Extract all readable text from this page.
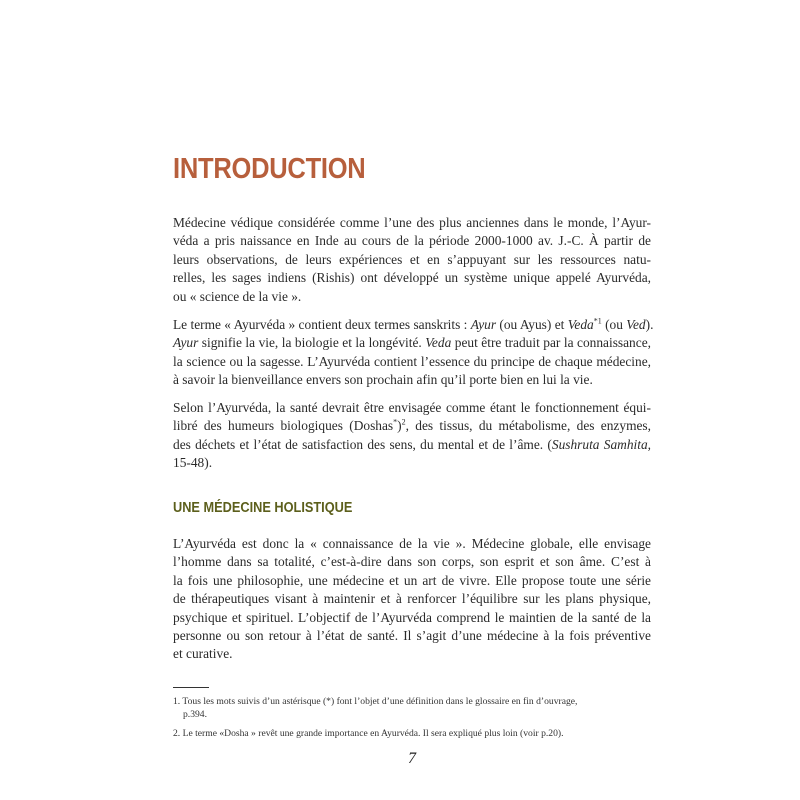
INTRODUCTION
Médecine védique considérée comme l’une des plus anciennes dans le monde, l’Ayur-
véda a pris naissance en Inde au cours de la période 2000-1000 av. J.-C. À partir de
leurs observations, de leurs expériences et en s’appuyant sur les ressources natu-
relles, les sages indiens (Rishis) ont développé un système unique appelé Ayurvéda,
ou « science de la vie ».
Le terme « Ayurvéda » contient deux termes sanskrits : Ayur (ou Ayus) et Veda$^{*1}$ (ou Ved).
Ayur signifie la vie, la biologie et la longévité. Veda peut être traduit par la connaissance,
la science ou la sagesse. L’Ayurvéda contient l’essence du principe de chaque médecine,
à savoir la bienveillance envers son prochain afin qu’il porte bien en lui la vie.
Selon l’Ayurvéda, la santé devrait être envisagée comme étant le fonctionnement équi-
libré des humeurs biologiques (Doshas*)$^2$, des tissus, du métabolisme, des enzymes,
des déchets et l’état de satisfaction des sens, du mental et de l’âme. (Sushruta Samhita,
15-48).
UNE MÉDECINE HOLISTIQUE
L’Ayurvéda est donc la « connaissance de la vie ». Médecine globale, elle envisage
l’homme dans sa totalité, c’est-à-dire dans son corps, son esprit et son âme. C’est à
la fois une philosophie, une médecine et un art de vivre. Elle propose toute une série
de thérapeutiques visant à maintenir et à renforcer l’équilibre sur les plans physique,
psychique et spirituel. L’objectif de l’Ayurvéda comprend le maintien de la santé de la
personne ou son retour à l’état de santé. Il s’agit d’une médecine à la fois préventive
et curative.
1. Tous les mots suivis d’un astérisque (*) font l’objet d’une définition dans le glossaire en fin d’ouvrage,
p.394.
2. Le terme «Dosha » revêt une grande importance en Ayurvéda. Il sera expliqué plus loin (voir p.20).
7
